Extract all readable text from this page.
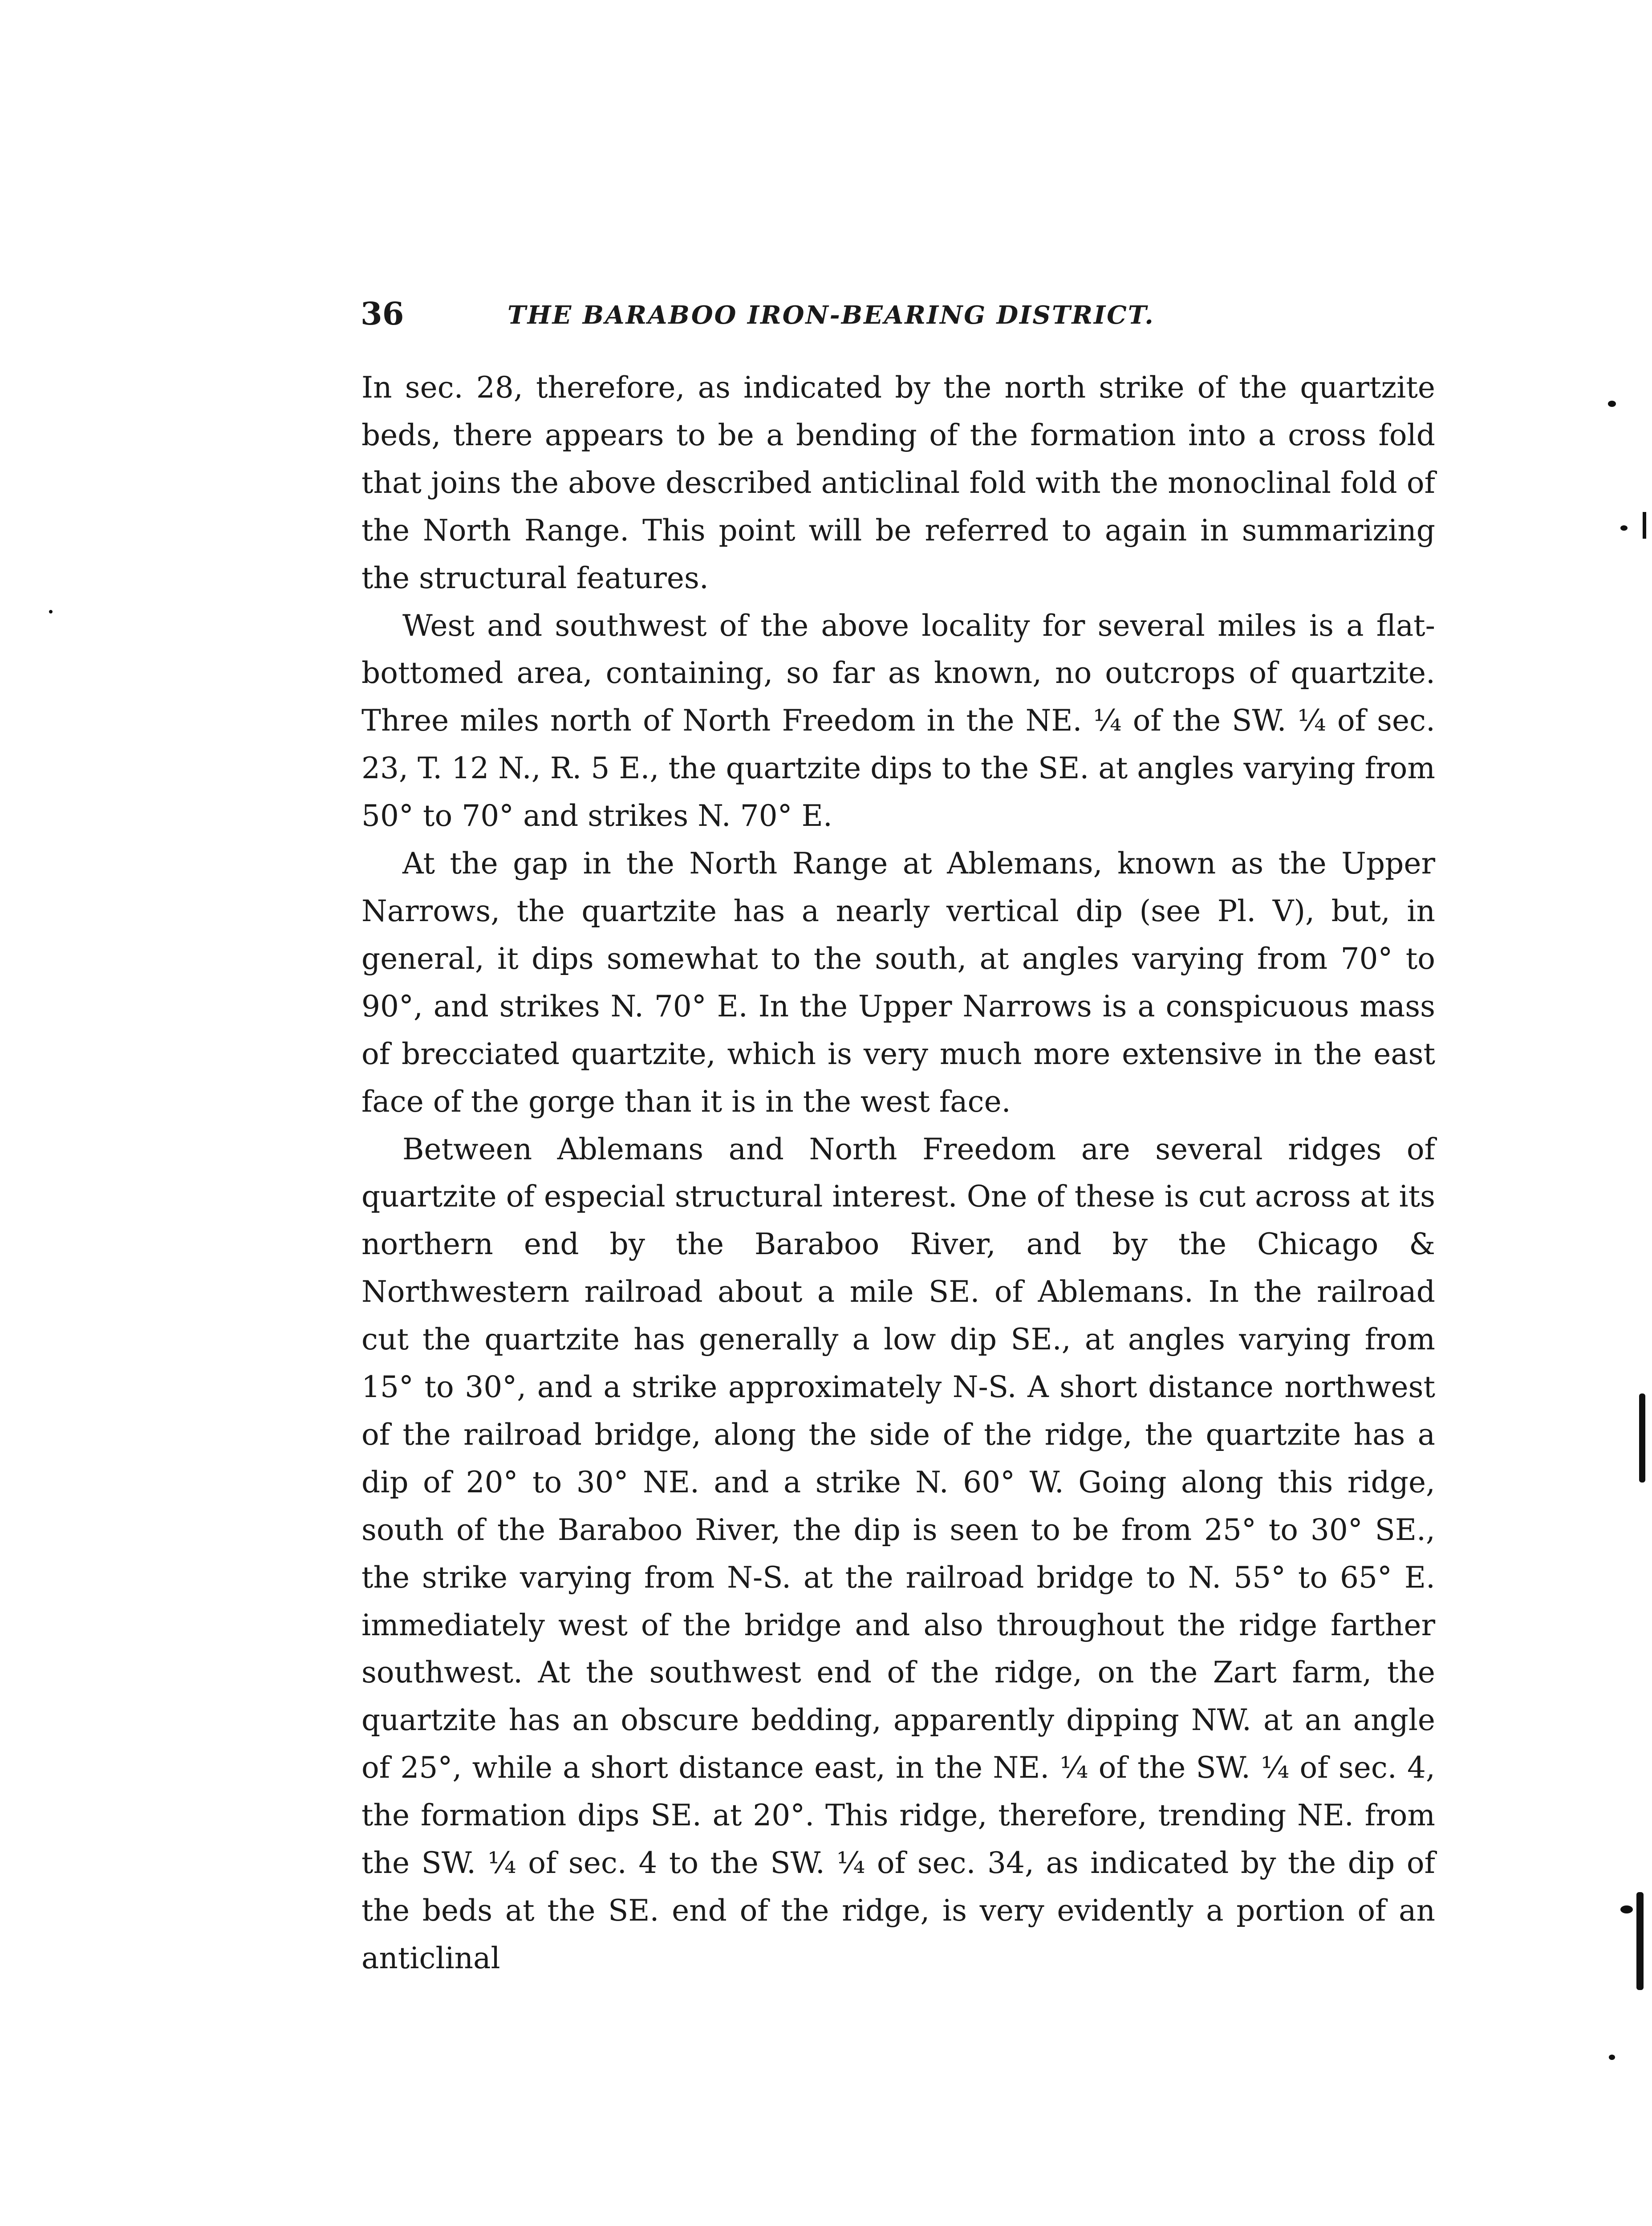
36	THE BARABOO IRON-BEARING DISTRICT.

In sec. 28, therefore, as indicated by the north strike of the quartzite beds, there appears to be a bending of the formation into a cross fold that joins the above described anticlinal fold with the monoclinal fold of the North Range. This point will be referred to again in summarizing the structural features.

West and southwest of the above locality for several miles is a flat-bottomed area, containing, so far as known, no outcrops of quartzite. Three miles north of North Freedom in the NE. ¼ of the SW. ¼ of sec. 23, T. 12 N., R. 5 E., the quartzite dips to the SE. at angles varying from 50° to 70° and strikes N. 70° E.

At the gap in the North Range at Ablemans, known as the Upper Narrows, the quartzite has a nearly vertical dip (see Pl. V), but, in general, it dips somewhat to the south, at angles varying from 70° to 90°, and strikes N. 70° E. In the Upper Narrows is a conspicuous mass of brecciated quartzite, which is very much more extensive in the east face of the gorge than it is in the west face.

Between Ablemans and North Freedom are several ridges of quartzite of especial structural interest. One of these is cut across at its northern end by the Baraboo River, and by the Chicago & Northwestern railroad about a mile SE. of Ablemans. In the railroad cut the quartzite has generally a low dip SE., at angles varying from 15° to 30°, and a strike approximately N-S. A short distance northwest of the railroad bridge, along the side of the ridge, the quartzite has a dip of 20° to 30° NE. and a strike N. 60° W. Going along this ridge, south of the Baraboo River, the dip is seen to be from 25° to 30° SE., the strike varying from N-S. at the railroad bridge to N. 55° to 65° E. immediately west of the bridge and also throughout the ridge farther southwest. At the southwest end of the ridge, on the Zart farm, the quartzite has an obscure bedding, apparently dipping NW. at an angle of 25°, while a short distance east, in the NE. ¼ of the SW. ¼ of sec. 4, the formation dips SE. at 20°. This ridge, therefore, trending NE. from the SW. ¼ of sec. 4 to the SW. ¼ of sec. 34, as indicated by the dip of the beds at the SE. end of the ridge, is very evidently a portion of an anticlinal
